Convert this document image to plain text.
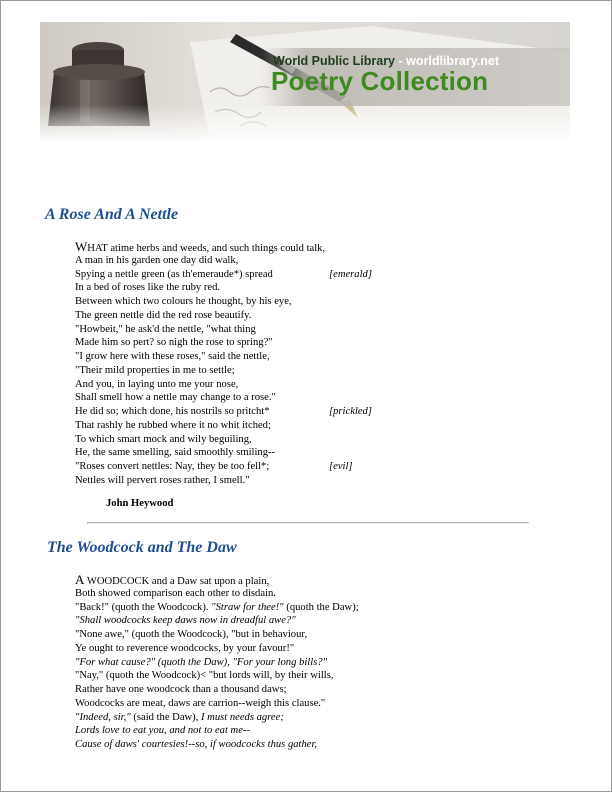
World Public Library - worldlibrary.net
Poetry Collection
A Rose And A Nettle
WHAT atime herbs and weeds, and such things could talk,
A man in his garden one day did walk,
Spying a nettle green (as th'emeraude*) spread	[emerald]
In a bed of roses like the ruby red.
Between which two colours he thought, by his eye,
The green nettle did the red rose beautify.
"Howbeit," he ask'd the nettle, "what thing
Made him so pert? so nigh the rose to spring?"
"I grow here with these roses," said the nettle,
"Their mild properties in me to settle;
And you, in laying unto me your nose,
Shall smell how a nettle may change to a rose."
He did so; which done, his nostrils so pritcht*	[prickled]
That rashly he rubbed where it no whit itched;
To which smart mock and wily beguiling,
He, the same smelling, said smoothly smiling--
"Roses convert nettles: Nay, they be too fell*;	[evil]
Nettles will pervert roses rather, I smell."
John Heywood
The Woodcock and The Daw
A WOODCOCK and a Daw sat upon a plain,
Both showed comparison each other to disdain.
"Back!" (quoth the Woodcock). "Straw for thee!" (quoth the Daw);
"Shall woodcocks keep daws now in dreadful awe?"
"None awe," (quoth the Woodcock), "but in behaviour,
Ye ought to reverence woodcocks, by your favour!"
"For what cause?" (quoth the Daw), "For your long bills?"
"Nay," (quoth the Woodcock)< "but lords will, by their wills,
Rather have one woodcock than a thousand daws;
Woodcocks are meat, daws are carrion--weigh this clause."
"Indeed, sir," (said the Daw), I must needs agree;
Lords love to eat you, and not to eat me--
Cause of daws' courtesies!--so, if woodcocks thus gather,
